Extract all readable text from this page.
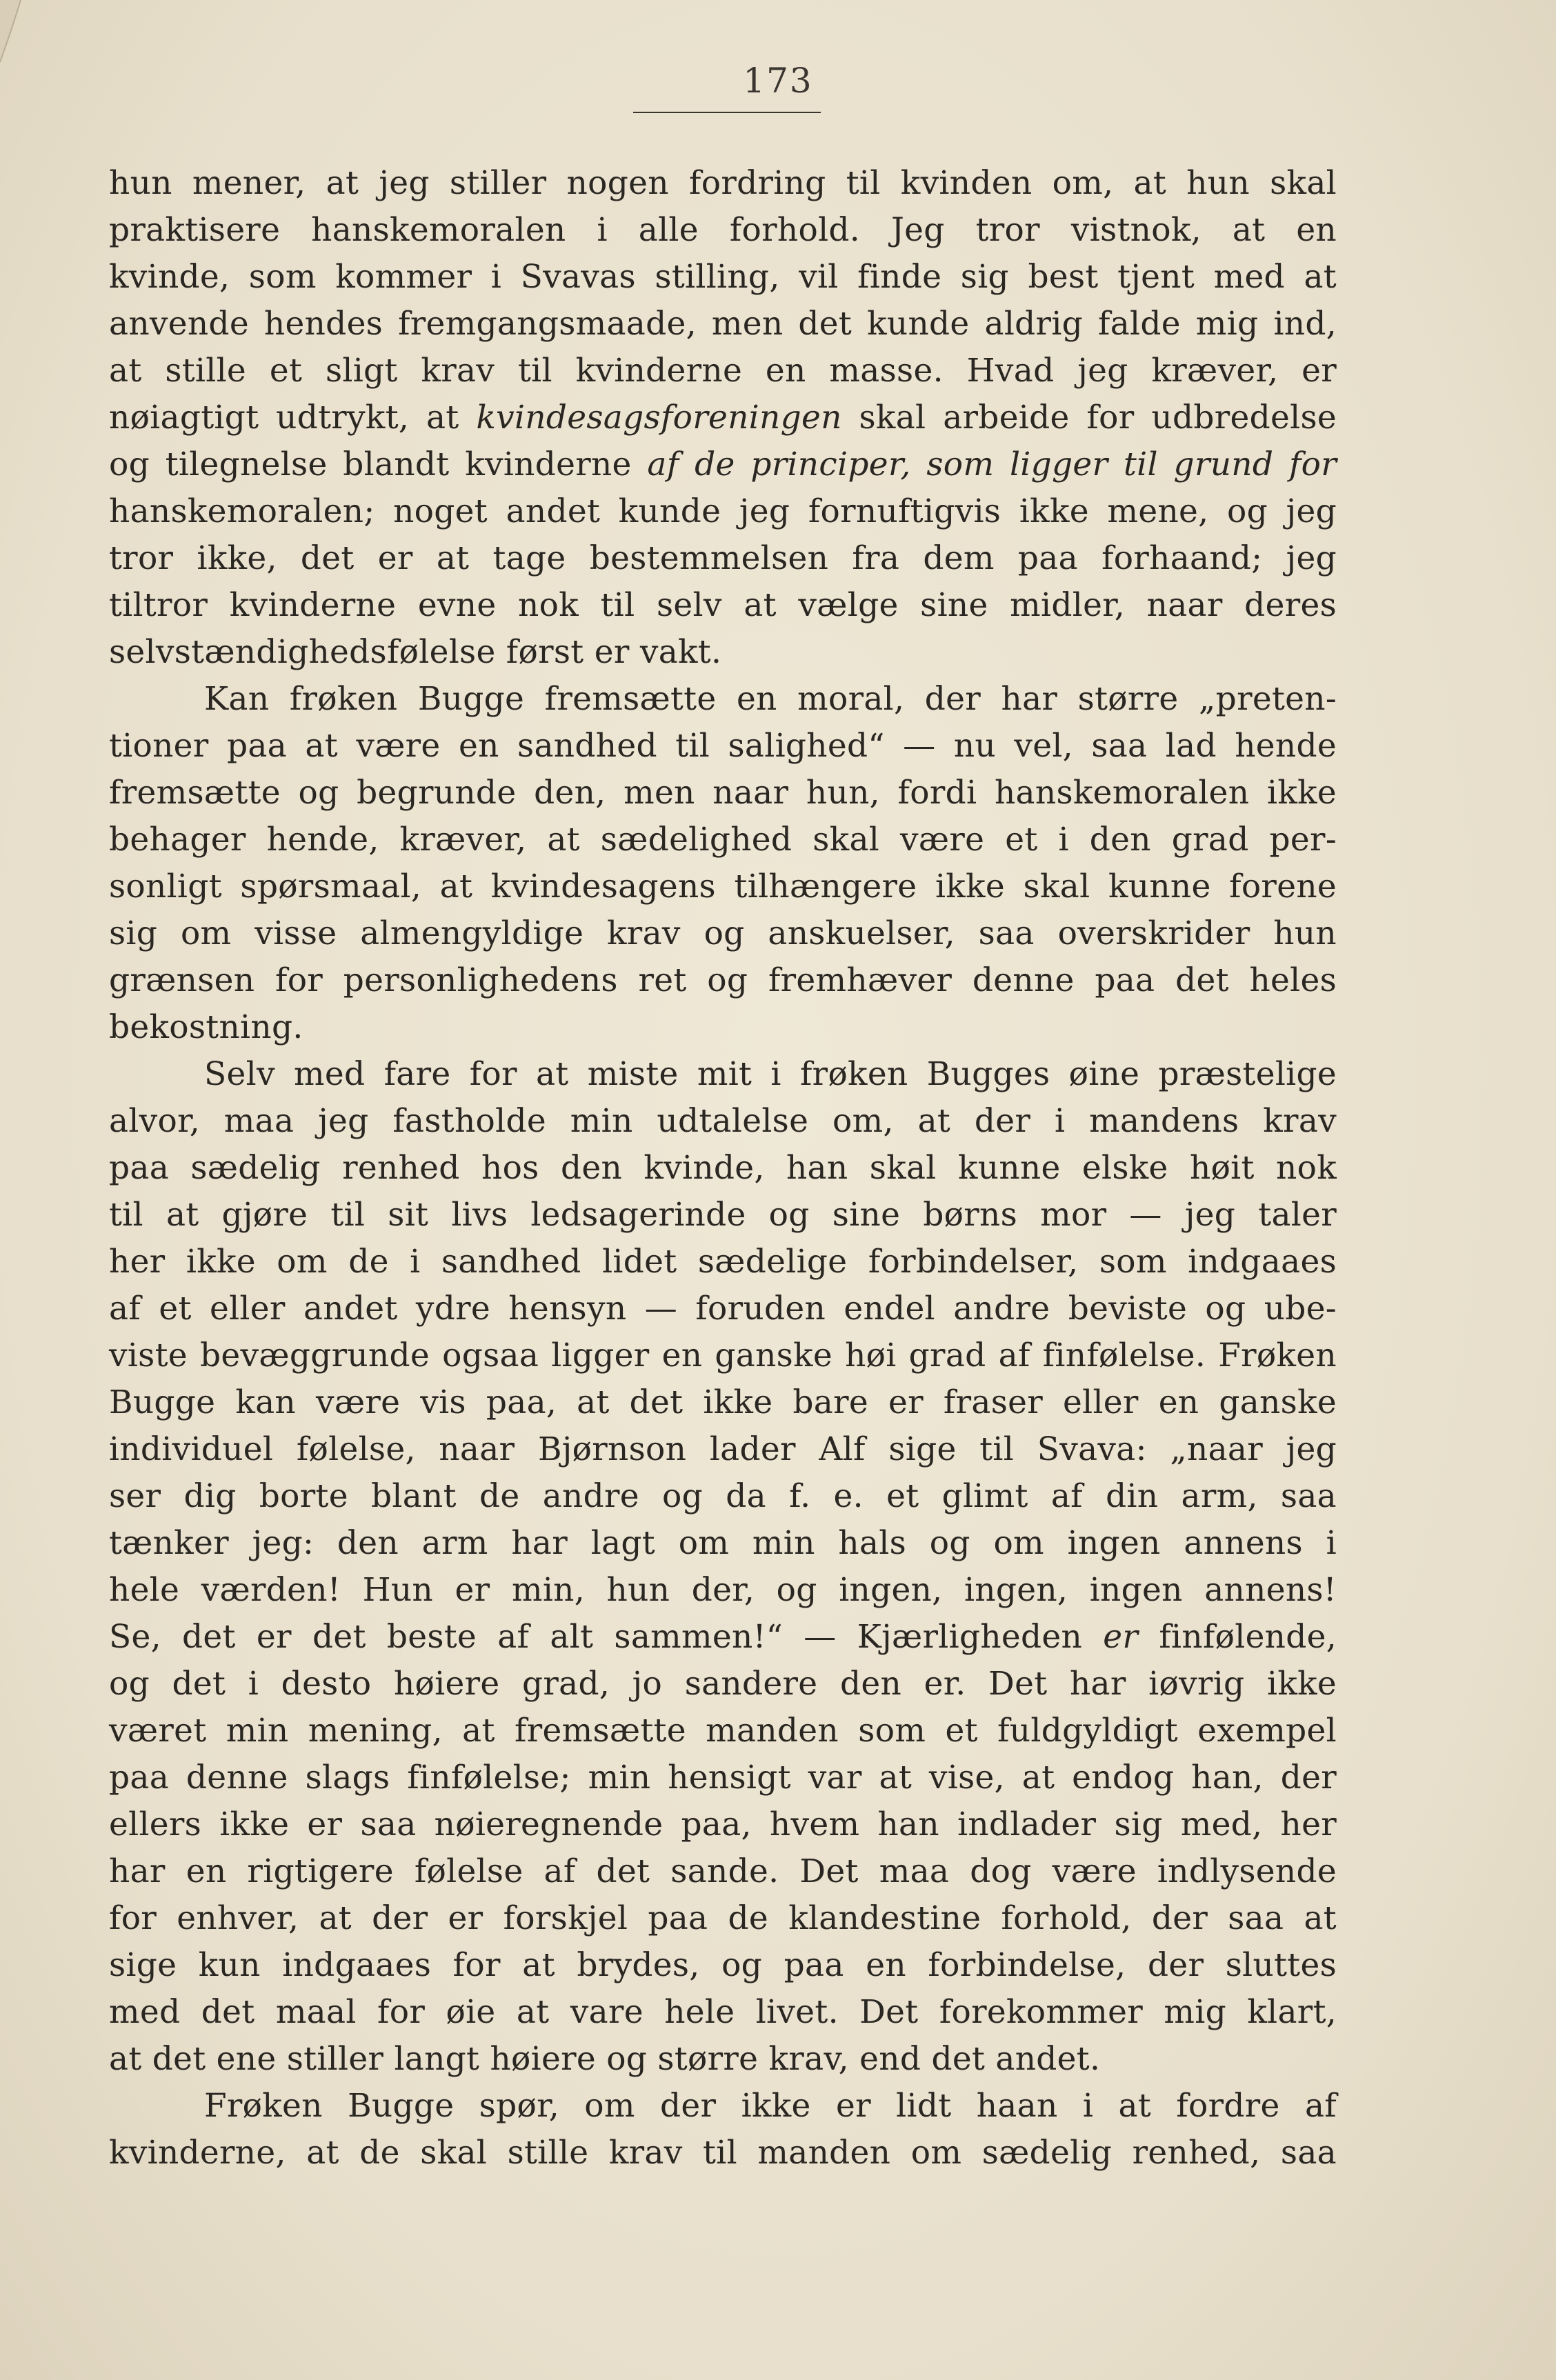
173
hun mener, at jeg stiller nogen fordring til kvinden om, at hun skal
praktisere hanskemoralen i alle forhold. Jeg tror vistnok, at en
kvinde, som kommer i Svavas stilling, vil finde sig best tjent med at
anvende hendes fremgangsmaade, men det kunde aldrig falde mig ind,
at stille et sligt krav til kvinderne en masse. Hvad jeg kræver, er
nøiagtigt udtrykt, at kvindesagsforeningen skal arbeide for udbredelse
og tilegnelse blandt kvinderne af de principer, som ligger til grund for
hanskemoralen; noget andet kunde jeg fornuftigvis ikke mene, og jeg
tror ikke, det er at tage bestemmelsen fra dem paa forhaand; jeg
tiltror kvinderne evne nok til selv at vælge sine midler, naar deres
selvstændighedsfølelse først er vakt.
Kan frøken Bugge fremsætte en moral, der har større „preten-
tioner paa at være en sandhed til salighed“ — nu vel, saa lad hende
fremsætte og begrunde den, men naar hun, fordi hanskemoralen ikke
behager hende, kræver, at sædelighed skal være et i den grad per-
sonligt spørsmaal, at kvindesagens tilhængere ikke skal kunne forene
sig om visse almengyldige krav og anskuelser, saa overskrider hun
grænsen for personlighedens ret og fremhæver denne paa det heles
bekostning.
Selv med fare for at miste mit i frøken Bugges øine præstelige
alvor, maa jeg fastholde min udtalelse om, at der i mandens krav
paa sædelig renhed hos den kvinde, han skal kunne elske høit nok
til at gjøre til sit livs ledsagerinde og sine børns mor — jeg taler
her ikke om de i sandhed lidet sædelige forbindelser, som indgaaes
af et eller andet ydre hensyn — foruden endel andre beviste og ube-
viste bevæggrunde ogsaa ligger en ganske høi grad af finfølelse. Frøken
Bugge kan være vis paa, at det ikke bare er fraser eller en ganske
individuel følelse, naar Bjørnson lader Alf sige til Svava: „naar jeg
ser dig borte blant de andre og da f. e. et glimt af din arm, saa
tænker jeg: den arm har lagt om min hals og om ingen annens i
hele værden! Hun er min, hun der, og ingen, ingen, ingen annens!
Se, det er det beste af alt sammen!“ — Kjærligheden er finfølende,
og det i desto høiere grad, jo sandere den er. Det har iøvrig ikke
været min mening, at fremsætte manden som et fuldgyldigt exempel
paa denne slags finfølelse; min hensigt var at vise, at endog han, der
ellers ikke er saa nøieregnende paa, hvem han indlader sig med, her
har en rigtigere følelse af det sande. Det maa dog være indlysende
for enhver, at der er forskjel paa de klandestine forhold, der saa at
sige kun indgaaes for at brydes, og paa en forbindelse, der sluttes
med det maal for øie at vare hele livet. Det forekommer mig klart,
at det ene stiller langt høiere og større krav, end det andet.
Frøken Bugge spør, om der ikke er lidt haan i at fordre af
kvinderne, at de skal stille krav til manden om sædelig renhed, saa
